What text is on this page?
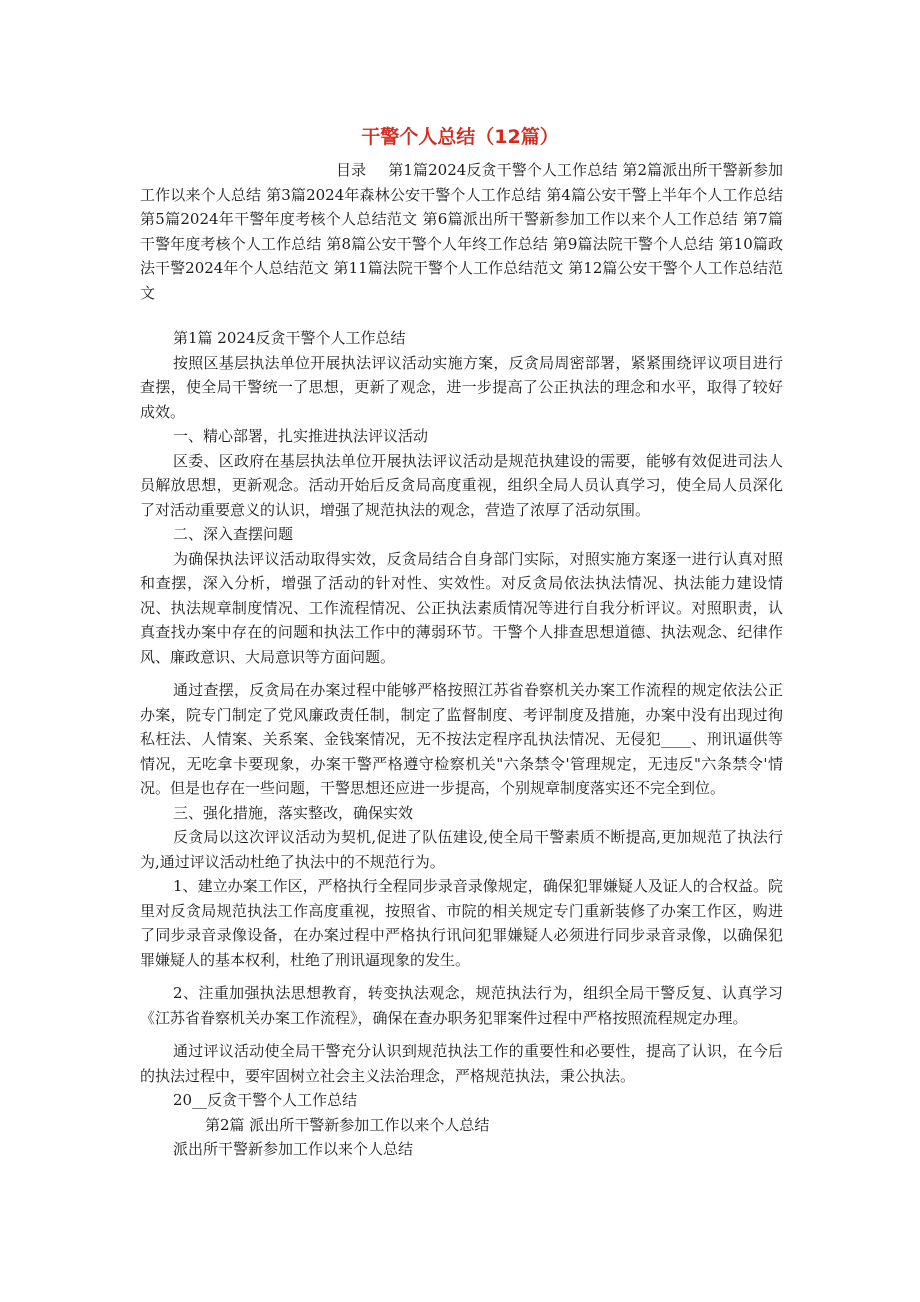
干警个人总结（12篇）

目录 第1篇2024反贪干警个人工作总结 第2篇派出所干警新参加工作以来个人总结 第3篇2024年森林公安干警个人工作总结 第4篇公安干警上半年个人工作总结 第5篇2024年干警年度考核个人总结范文 第6篇派出所干警新参加工作以来个人工作总结 第7篇干警年度考核个人工作总结 第8篇公安干警个人年终工作总结 第9篇法院干警个人总结 第10篇政法干警2024年个人总结范文 第11篇法院干警个人工作总结范文 第12篇公安干警个人工作总结范文

第1篇 2024反贪干警个人工作总结

按照区基层执法单位开展执法评议活动实施方案，反贪局周密部署，紧紧围绕评议项目进行查摆，使全局干警统一了思想，更新了观念，进一步提高了公正执法的理念和水平，取得了较好成效。

一、精心部署，扎实推进执法评议活动

区委、区政府在基层执法单位开展执法评议活动是规范执建设的需要，能够有效促进司法人员解放思想，更新观念。活动开始后反贪局高度重视，组织全局人员认真学习，使全局人员深化了对活动重要意义的认识，增强了规范执法的观念，营造了浓厚了活动氛围。

二、深入查摆问题

为确保执法评议活动取得实效，反贪局结合自身部门实际，对照实施方案逐一进行认真对照和查摆，深入分析，增强了活动的针对性、实效性。对反贪局依法执法情况、执法能力建设情况、执法规章制度情况、工作流程情况、公正执法素质情况等进行自我分析评议。对照职责，认真查找办案中存在的问题和执法工作中的薄弱环节。干警个人排查思想道德、执法观念、纪律作风、廉政意识、大局意识等方面问题。

通过查摆，反贪局在办案过程中能够严格按照江苏省眷察机关办案工作流程的规定依法公正办案，院专门制定了党风廉政责任制，制定了监督制度、考评制度及措施，办案中没有出现过徇私枉法、人情案、关系案、金钱案情况，无不按法定程序乱执法情况、无侵犯____、刑讯逼供等情况，无吃拿卡要现象，办案干警严格遵守检察机关"六条禁令'管理规定，无违反"六条禁令'情况。但是也存在一些问题，干警思想还应进一步提高，个别规章制度落实还不完全到位。

三、强化措施，落实整改，确保实效

反贪局以这次评议活动为契机,促进了队伍建设,使全局干警素质不断提高,更加规范了执法行为,通过评议活动杜绝了执法中的不规范行为。

1、建立办案工作区，严格执行全程同步录音录像规定，确保犯罪嫌疑人及证人的合权益。院里对反贪局规范执法工作高度重视，按照省、市院的相关规定专门重新装修了办案工作区，购进了同步录音录像设备，在办案过程中严格执行讯问犯罪嫌疑人必须进行同步录音录像，以确保犯罪嫌疑人的基本权利，杜绝了刑讯逼现象的发生。

2、注重加强执法思想教育，转变执法观念，规范执法行为，组织全局干警反复、认真学习《江苏省眷察机关办案工作流程》，确保在查办职务犯罪案件过程中严格按照流程规定办理。

通过评议活动使全局干警充分认识到规范执法工作的重要性和必要性，提高了认识，在今后的执法过程中，要牢固树立社会主义法治理念，严格规范执法，秉公执法。

20__反贪干警个人工作总结

第2篇 派出所干警新参加工作以来个人总结

派出所干警新参加工作以来个人总结
